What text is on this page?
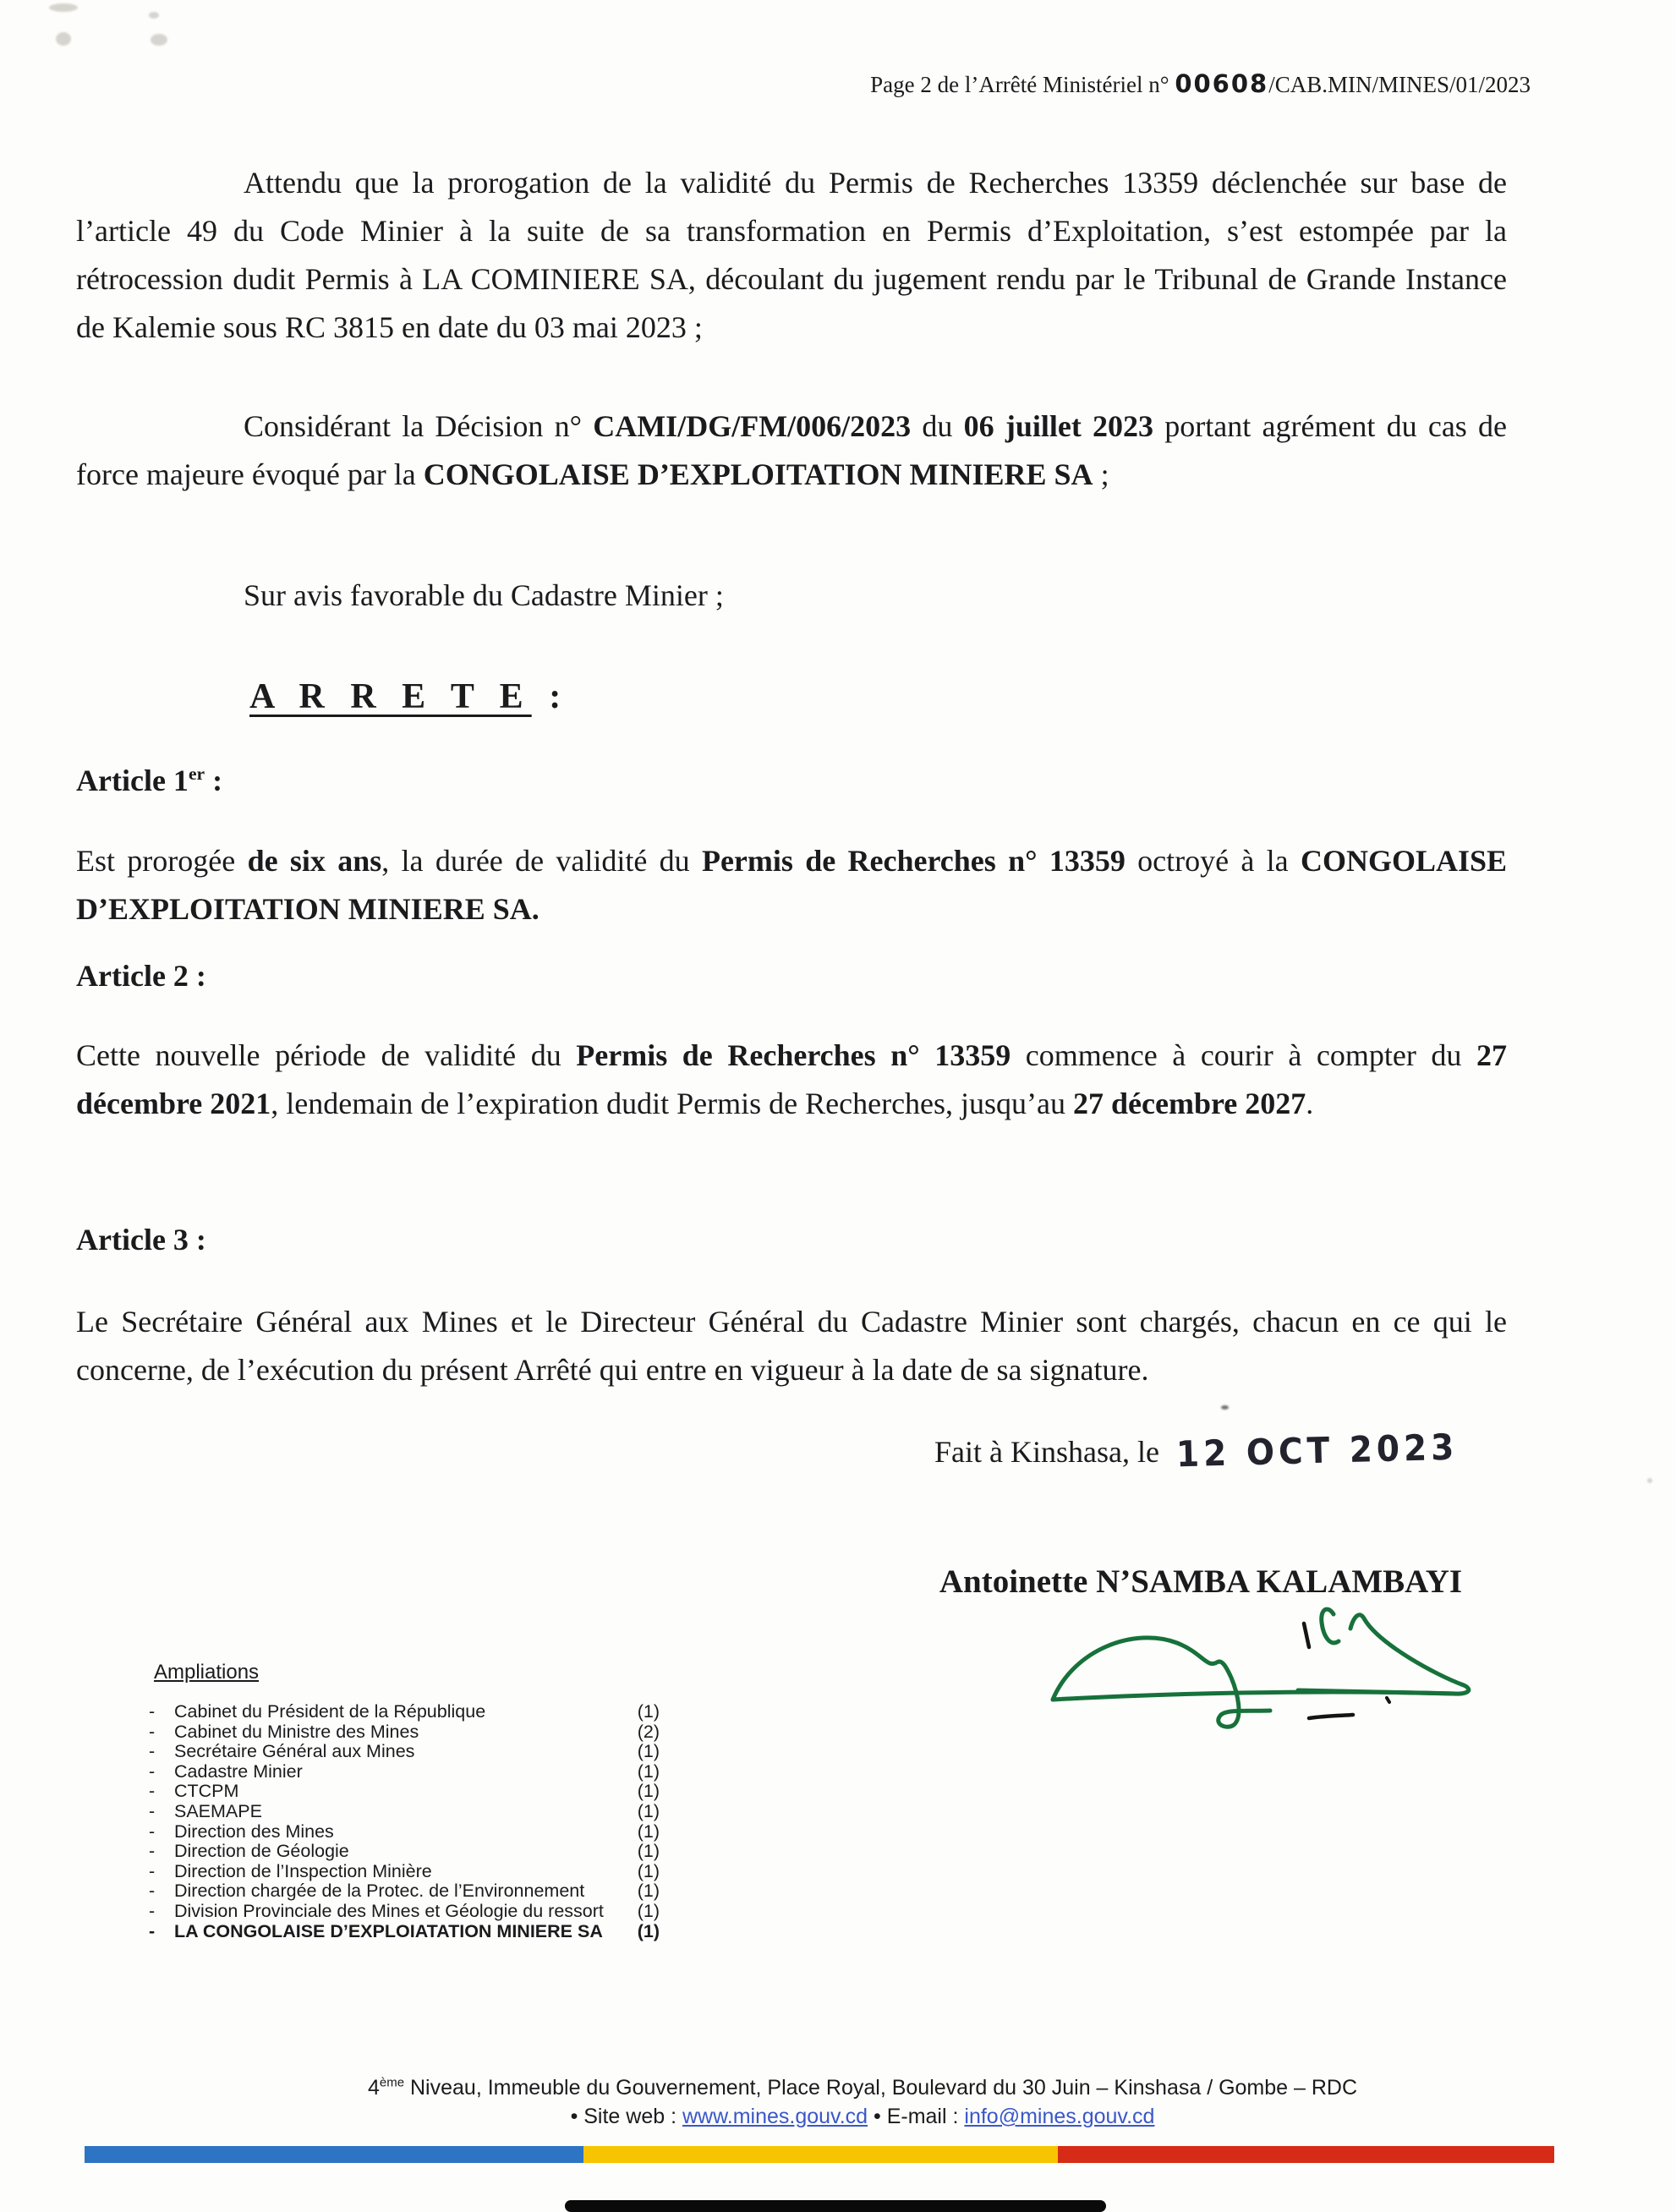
Page 2 de l’Arrêté Ministériel n° 00608/CAB.MIN/MINES/01/2023
Attendu que la prorogation de la validité du Permis de Recherches 13359 déclenchée sur base de l’article 49 du Code Minier à la suite de sa transformation en Permis d’Exploitation, s’est estompée par la rétrocession dudit Permis à LA COMINIERE SA, découlant du jugement rendu par le Tribunal de Grande Instance de Kalemie sous RC 3815 en date du 03 mai 2023 ;
Considérant la Décision n° CAMI/DG/FM/006/2023 du 06 juillet 2023 portant agrément du cas de force majeure évoqué par la CONGOLAISE D’EXPLOITATION MINIERE SA ;
Sur avis favorable du Cadastre Minier ;
A R R E T E :
Article 1er :
Est prorogée de six ans, la durée de validité du Permis de Recherches n° 13359 octroyé à la CONGOLAISE D’EXPLOITATION MINIERE SA.
Article 2 :
Cette nouvelle période de validité du Permis de Recherches n° 13359 commence à courir à compter du 27 décembre 2021, lendemain de l’expiration dudit Permis de Recherches, jusqu’au 27 décembre 2027.
Article 3 :
Le Secrétaire Général aux Mines et le Directeur Général du Cadastre Minier sont chargés, chacun en ce qui le concerne, de l’exécution du présent Arrêté qui entre en vigueur à la date de sa signature.
Fait à Kinshasa, le 12 OCT 2023
Antoinette N’SAMBA KALAMBAYI
Ampliations
-	Cabinet du Président de la République	(1)
-	Cabinet du Ministre des Mines	(2)
-	Secrétaire Général aux Mines	(1)
-	Cadastre Minier	(1)
-	CTCPM	(1)
-	SAEMAPE	(1)
-	Direction des Mines	(1)
-	Direction de Géologie	(1)
-	Direction de l’Inspection Minière	(1)
-	Direction chargée de la Protec. de l’Environnement	(1)
-	Division Provinciale des Mines et Géologie du ressort	(1)
-	LA CONGOLAISE D’EXPLOIATATION MINIERE SA	(1)
4ème Niveau, Immeuble du Gouvernement, Place Royal, Boulevard du 30 Juin – Kinshasa / Gombe – RDC
• Site web : www.mines.gouv.cd • E-mail : info@mines.gouv.cd
